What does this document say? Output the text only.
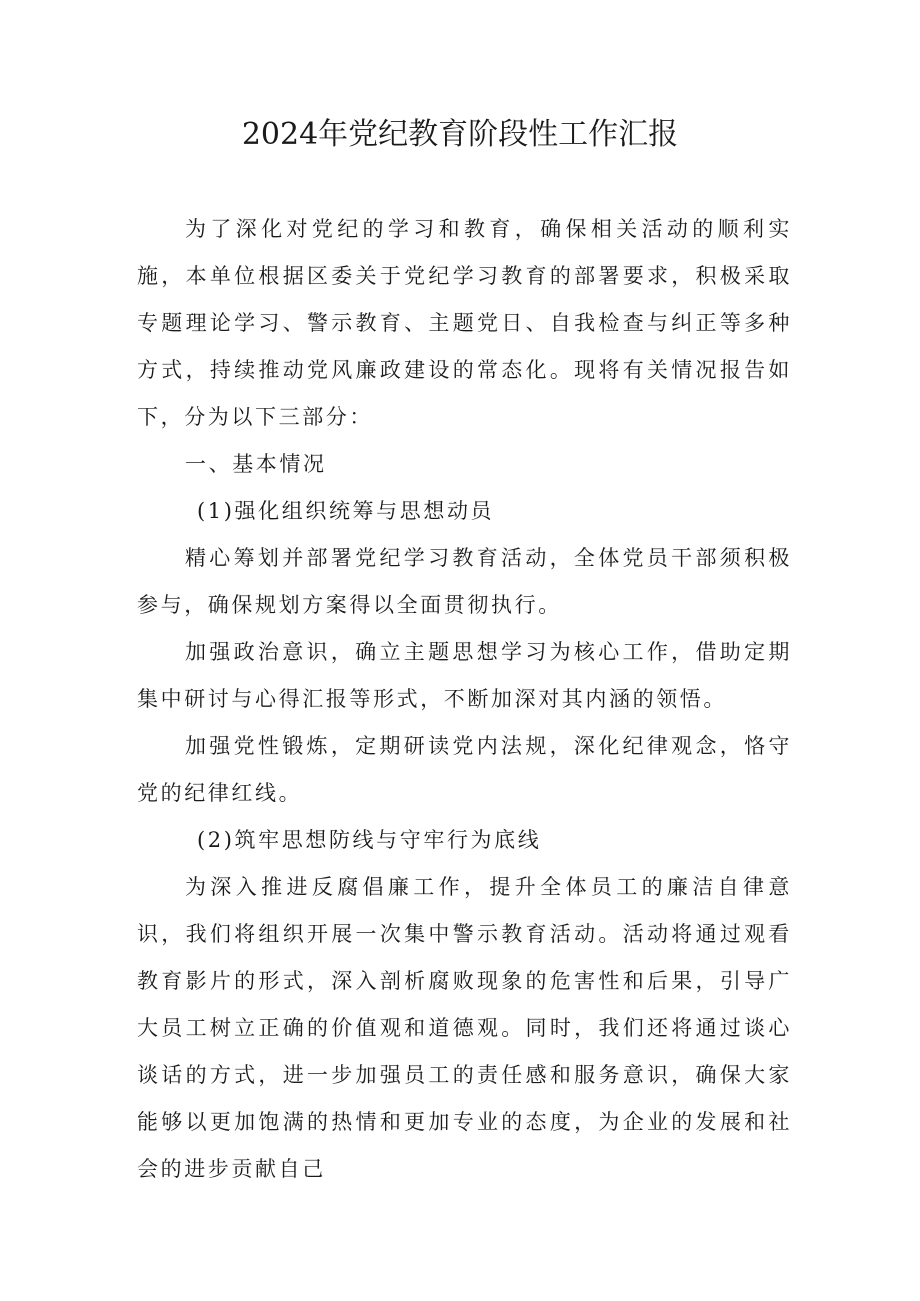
2024年党纪教育阶段性工作汇报

为了深化对党纪的学习和教育，确保相关活动的顺利实施，本单位根据区委关于党纪学习教育的部署要求，积极采取专题理论学习、警示教育、主题党日、自我检查与纠正等多种方式，持续推动党风廉政建设的常态化。现将有关情况报告如下，分为以下三部分：

一、基本情况

(1)强化组织统筹与思想动员

精心筹划并部署党纪学习教育活动，全体党员干部须积极参与，确保规划方案得以全面贯彻执行。

加强政治意识，确立主题思想学习为核心工作，借助定期集中研讨与心得汇报等形式，不断加深对其内涵的领悟。

加强党性锻炼，定期研读党内法规，深化纪律观念，恪守党的纪律红线。

(2)筑牢思想防线与守牢行为底线

为深入推进反腐倡廉工作，提升全体员工的廉洁自律意识，我们将组织开展一次集中警示教育活动。活动将通过观看教育影片的形式，深入剖析腐败现象的危害性和后果，引导广大员工树立正确的价值观和道德观。同时，我们还将通过谈心谈话的方式，进一步加强员工的责任感和服务意识，确保大家能够以更加饱满的热情和更加专业的态度，为企业的发展和社会的进步贡献自己
